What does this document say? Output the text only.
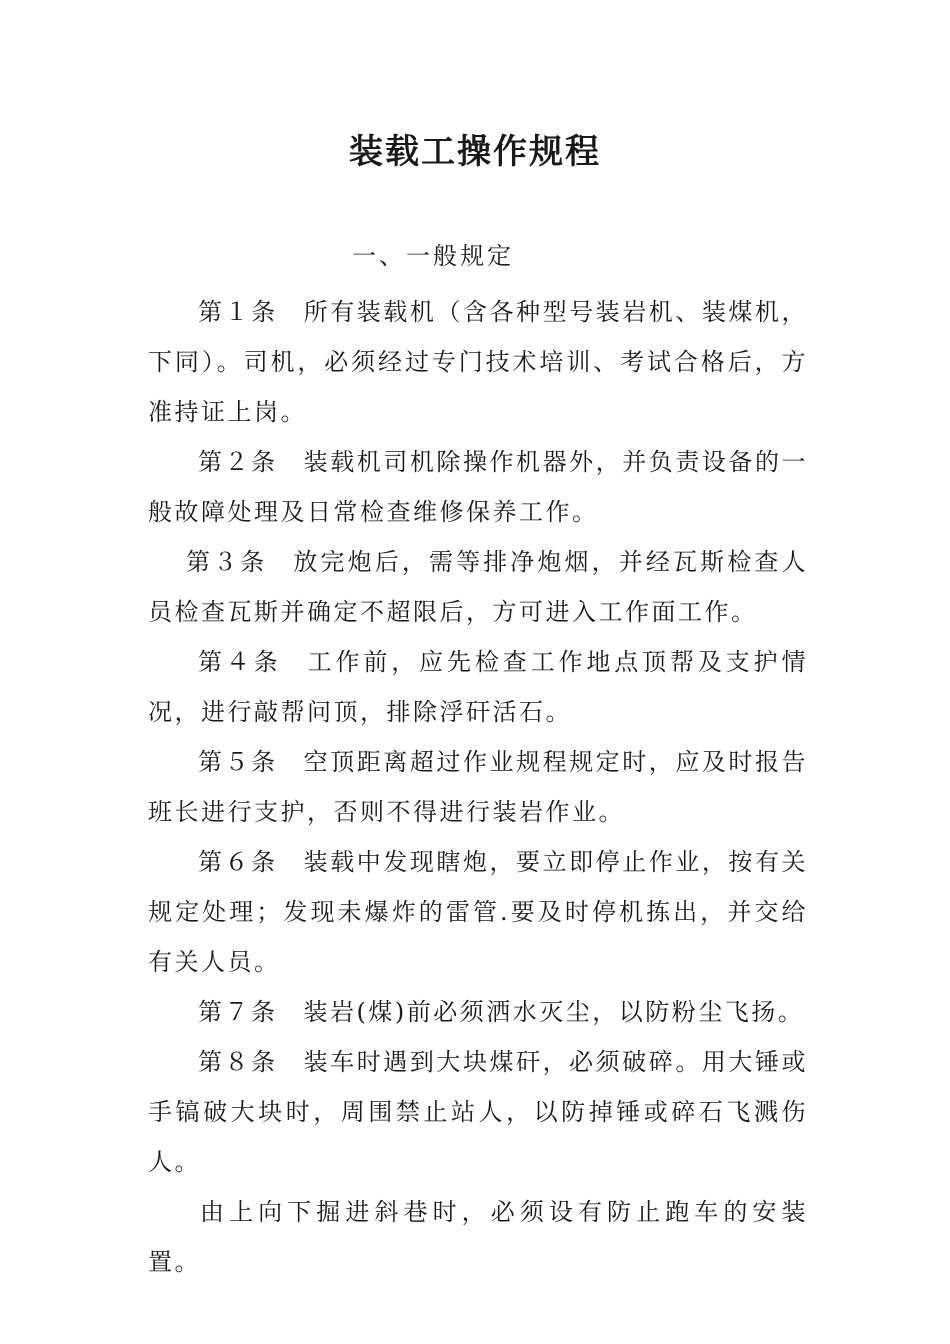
装载工操作规程
一、一般规定

第１条 所有装载机（含各种型号装岩机、装煤机，下同）。司机，必须经过专门技术培训、考试合格后，方准持证上岗。

第２条 装载机司机除操作机器外，并负责设备的一般故障处理及日常检查维修保养工作。

第３条 放完炮后，需等排净炮烟，并经瓦斯检查人员检查瓦斯并确定不超限后，方可进入工作面工作。

第４条 工作前，应先检查工作地点顶帮及支护情况，进行敲帮问顶，排除浮矸活石。

第５条 空顶距离超过作业规程规定时，应及时报告班长进行支护，否则不得进行装岩作业。

第６条 装载中发现瞎炮，要立即停止作业，按有关规定处理；发现未爆炸的雷管.要及时停机拣出，并交给有关人员。

第７条 装岩(煤)前必须洒水灭尘，以防粉尘飞扬。

第８条 装车时遇到大块煤矸，必须破碎。用大锤或手镐破大块时，周围禁止站人，以防掉锤或碎石飞溅伤人。

由上向下掘进斜巷时，必须设有防止跑车的安装置。
